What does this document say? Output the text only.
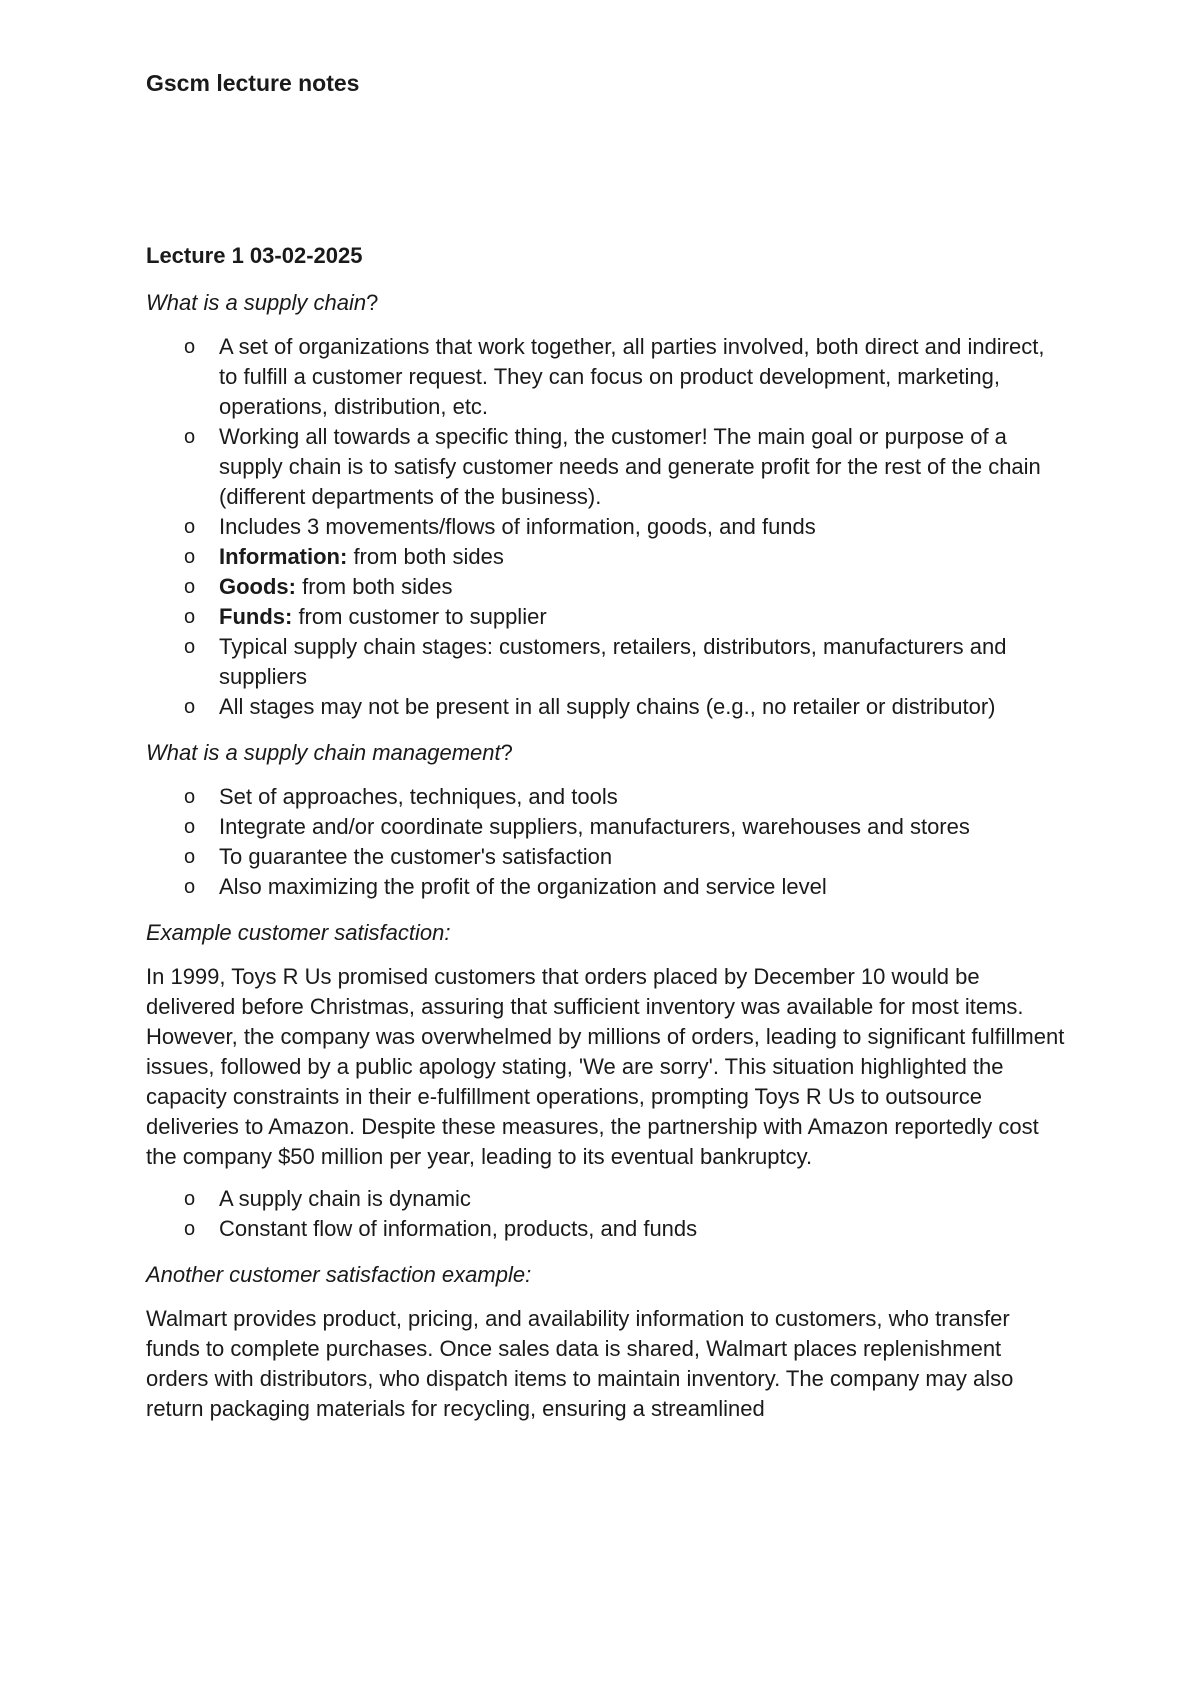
Gscm lecture notes
Lecture 1 03-02-2025

What is a supply chain?

o A set of organizations that work together, all parties involved, both direct and indirect, to fulfill a customer request. They can focus on product development, marketing, operations, distribution, etc.
o Working all towards a specific thing, the customer! The main goal or purpose of a supply chain is to satisfy customer needs and generate profit for the rest of the chain (different departments of the business).
o Includes 3 movements/flows of information, goods, and funds
o Information: from both sides
o Goods: from both sides
o Funds: from customer to supplier
o Typical supply chain stages: customers, retailers, distributors, manufacturers and suppliers
o All stages may not be present in all supply chains (e.g., no retailer or distributor)

What is a supply chain management?

o Set of approaches, techniques, and tools
o Integrate and/or coordinate suppliers, manufacturers, warehouses and stores
o To guarantee the customer's satisfaction
o Also maximizing the profit of the organization and service level

Example customer satisfaction:

In 1999, Toys R Us promised customers that orders placed by December 10 would be delivered before Christmas, assuring that sufficient inventory was available for most items. However, the company was overwhelmed by millions of orders, leading to significant fulfillment issues, followed by a public apology stating, 'We are sorry'. This situation highlighted the capacity constraints in their e-fulfillment operations, prompting Toys R Us to outsource deliveries to Amazon. Despite these measures, the partnership with Amazon reportedly cost the company $50 million per year, leading to its eventual bankruptcy.

o A supply chain is dynamic
o Constant flow of information, products, and funds

Another customer satisfaction example:

Walmart provides product, pricing, and availability information to customers, who transfer funds to complete purchases. Once sales data is shared, Walmart places replenishment orders with distributors, who dispatch items to maintain inventory. The company may also return packaging materials for recycling, ensuring a streamlined
